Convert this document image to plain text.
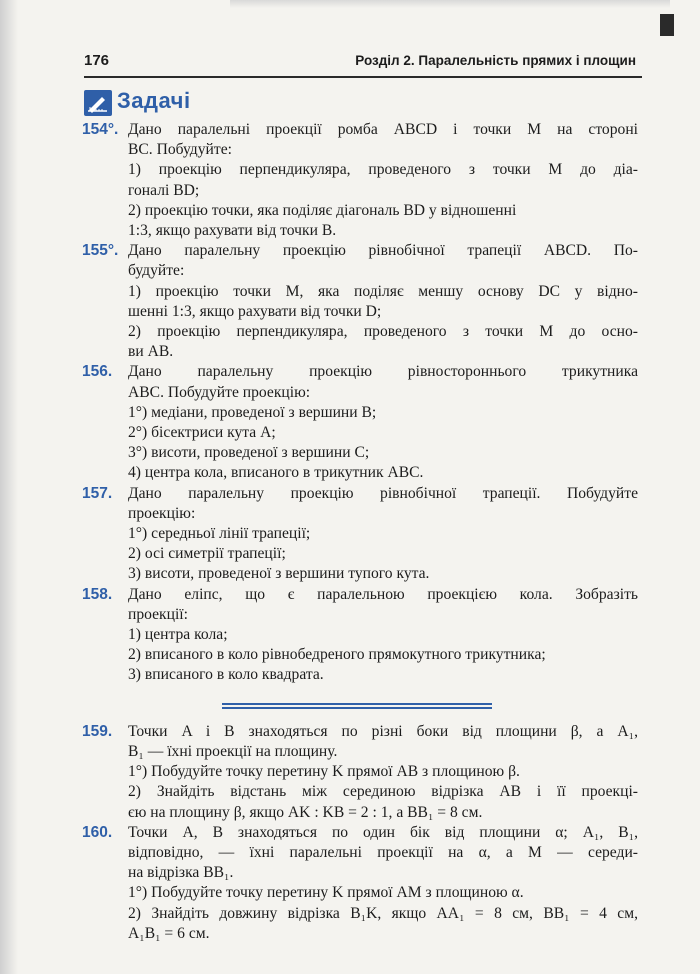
176	Розділ 2. Паралельність прямих і площин
Задачі
154°. Дано паралельні проекції ромба ABCD і точки M на стороні
BC. Побудуйте:
1) проекцію перпендикуляра, проведеного з точки M до діа-
гоналі BD;
2) проекцію точки, яка поділяє діагональ BD у відношенні
1:3, якщо рахувати від точки B.
155°. Дано паралельну проекцію рівнобічної трапеції ABCD. По-
будуйте:
1) проекцію точки M, яка поділяє меншу основу DC у відно-
шенні 1:3, якщо рахувати від точки D;
2) проекцію перпендикуляра, проведеного з точки M до осно-
ви AB.
156. Дано паралельну проекцію рівностороннього трикутника
ABC. Побудуйте проекцію:
1°) медіани, проведеної з вершини B;
2°) бісектриси кута A;
3°) висоти, проведеної з вершини C;
4) центра кола, вписаного в трикутник ABC.
157. Дано паралельну проекцію рівнобічної трапеції. Побудуйте
проекцію:
1°) середньої лінії трапеції;
2) осі симетрії трапеції;
3) висоти, проведеної з вершини тупого кута.
158. Дано еліпс, що є паралельною проекцією кола. Зобразіть
проекції:
1) центра кола;
2) вписаного в коло рівнобедреного прямокутного трикутника;
3) вписаного в коло квадрата.
159. Точки A і B знаходяться по різні боки від площини β, а A₁,
B₁ — їхні проекції на площину.
1°) Побудуйте точку перетину K прямої AB з площиною β.
2) Знайдіть відстань між серединою відрізка AB і її проекці-
єю на площину β, якщо AK : KB = 2 : 1, а BB₁ = 8 см.
160. Точки A, B знаходяться по один бік від площини α; A₁, B₁,
відповідно, — їхні паралельні проекції на α, а M — середи-
на відрізка BB₁.
1°) Побудуйте точку перетину K прямої AM з площиною α.
2) Знайдіть довжину відрізка B₁K, якщо AA₁ = 8 см, BB₁ = 4 см,
A₁B₁ = 6 см.
